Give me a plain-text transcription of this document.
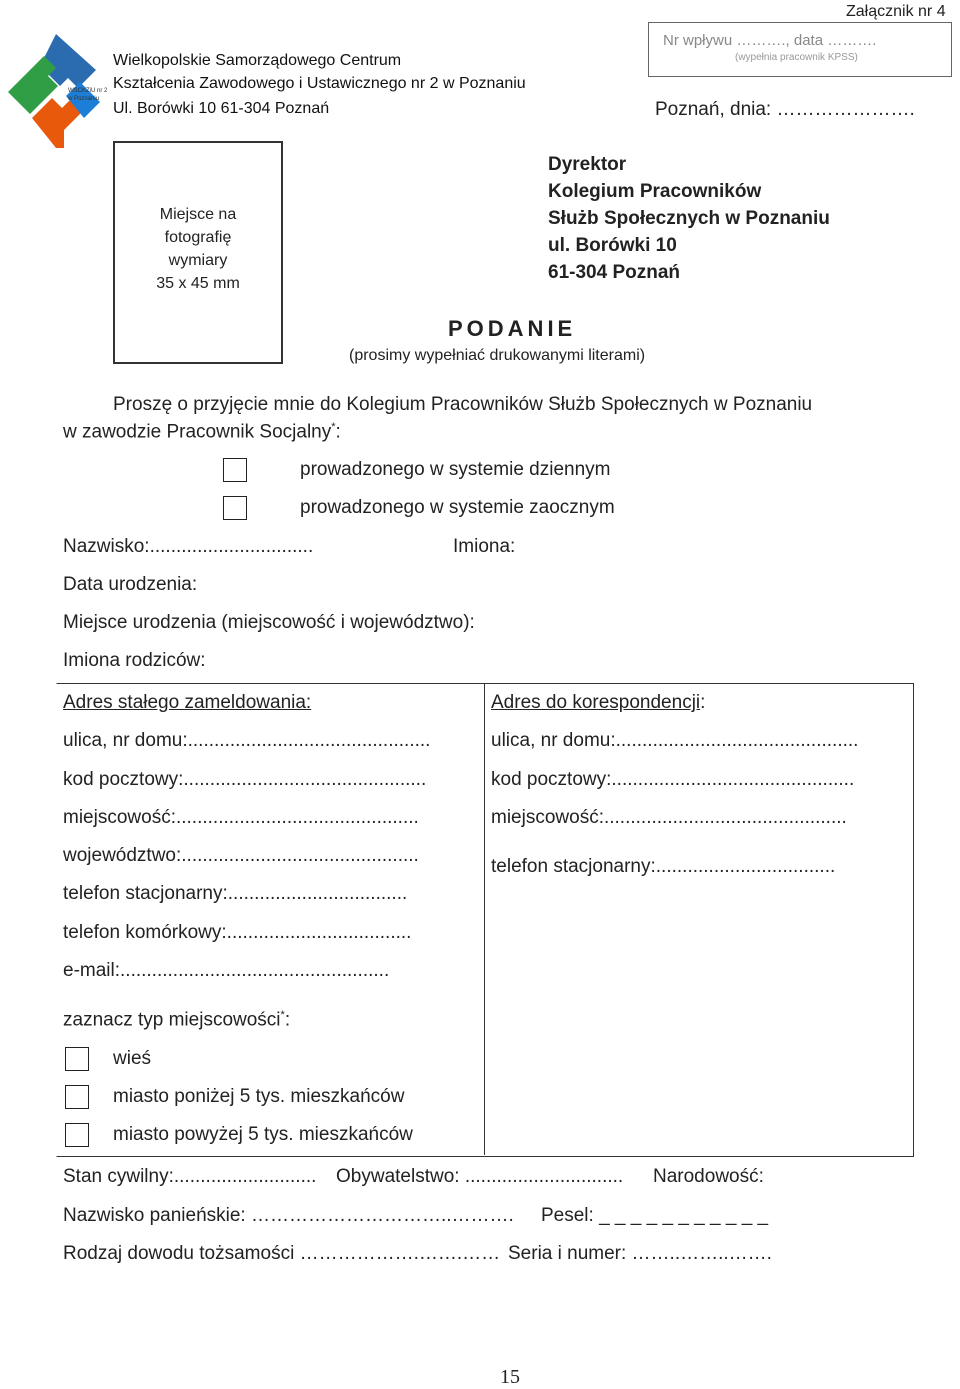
WSCKZiU nr 2
w Poznaniu
Wielkopolskie Samorządowego Centrum
Kształcenia Zawodowego i Ustawicznego nr 2 w Poznaniu
Ul. Borówki 10 61-304 Poznań
Załącznik nr 4
Nr wpływu ………., data ……….
(wypełnia pracownik KPSS)
Poznań, dnia: ………………….
Miejsce na
fotografię
wymiary
35 x 45 mm
Dyrektor
Kolegium Pracowników
Służb Społecznych w Poznaniu
ul. Borówki 10
61-304 Poznań
PODANIE
(prosimy wypełniać drukowanymi literami)
Proszę o przyjęcie mnie do Kolegium Pracowników Służb Społecznych w Poznaniu
w zawodzie Pracownik Socjalny*:
prowadzonego w systemie dziennym
prowadzonego w systemie zaocznym
Nazwisko:...............................	Imiona:
Data urodzenia:
Miejsce urodzenia (miejscowość i województwo):
Imiona rodziców:
Adres stałego zameldowania:
ulica, nr domu:..............................................
kod pocztowy:..............................................
miejscowość:..............................................
województwo:.............................................
telefon stacjonarny:..................................
telefon komórkowy:...................................
e-mail:...................................................
zaznacz typ miejscowości*:
wieś
miasto poniżej 5 tys. mieszkańców
miasto powyżej 5 tys. mieszkańców
Adres do korespondencji:
ulica, nr domu:..............................................
kod pocztowy:..............................................
miejscowość:..............................................
telefon stacjonarny:..................................
Stan cywilny:........................... Obywatelstwo: .............................. Narodowość:
Nazwisko panieńskie: …………………………..………. Pesel: _ _ _ _ _ _ _ _ _ _ _
Rodzaj dowodu tożsamości ……………….…….…… Seria i numer: ……..……..…….
15
